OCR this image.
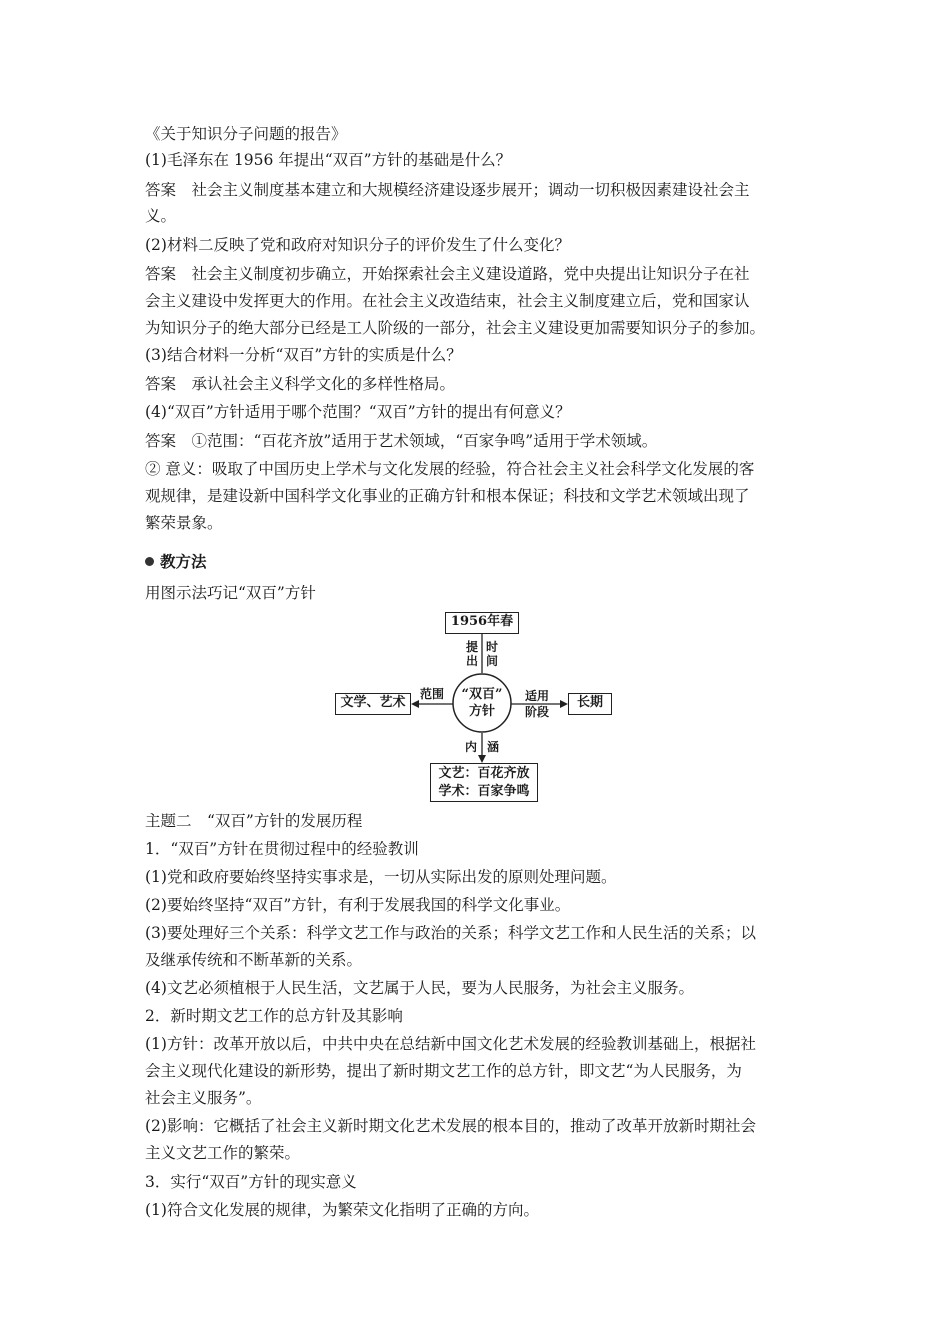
《关于知识分子问题的报告》
(1)毛泽东在 1956 年提出“双百”方针的基础是什么？
答案　社会主义制度基本建立和大规模经济建设逐步展开；调动一切积极因素建设社会主
义。
(2)材料二反映了党和政府对知识分子的评价发生了什么变化？
答案　社会主义制度初步确立，开始探索社会主义建设道路，党中央提出让知识分子在社
会主义建设中发挥更大的作用。在社会主义改造结束，社会主义制度建立后，党和国家认
为知识分子的绝大部分已经是工人阶级的一部分，社会主义建设更加需要知识分子的参加。
(3)结合材料一分析“双百”方针的实质是什么？
答案　承认社会主义科学文化的多样性格局。
(4)“双百”方针适用于哪个范围？“双百”方针的提出有何意义？
答案　①范围：“百花齐放”适用于艺术领域，“百家争鸣”适用于学术领域。
② 意义：吸取了中国历史上学术与文化发展的经验，符合社会主义社会科学文化发展的客
观规律，是建设新中国科学文化事业的正确方针和根本保证；科技和文学艺术领域出现了
繁荣景象。
教方法
用图示法巧记“双百”方针
1956年春
提出
时间
“双百”
方针
文学、艺术
范围	适用
阶段
长期
内 涵
文艺：百花齐放
学术：百家争鸣
主题二　“双百”方针的发展历程
1．“双百”方针在贯彻过程中的经验教训
(1)党和政府要始终坚持实事求是，一切从实际出发的原则处理问题。
(2)要始终坚持“双百”方针，有利于发展我国的科学文化事业。
(3)要处理好三个关系：科学文艺工作与政治的关系；科学文艺工作和人民生活的关系；以
及继承传统和不断革新的关系。
(4)文艺必须植根于人民生活，文艺属于人民，要为人民服务，为社会主义服务。
2．新时期文艺工作的总方针及其影响
(1)方针：改革开放以后，中共中央在总结新中国文化艺术发展的经验教训基础上，根据社
会主义现代化建设的新形势，提出了新时期文艺工作的总方针，即文艺“为人民服务，为
社会主义服务”。
(2)影响：它概括了社会主义新时期文化艺术发展的根本目的，推动了改革开放新时期社会
主义文艺工作的繁荣。
3．实行“双百”方针的现实意义
(1)符合文化发展的规律，为繁荣文化指明了正确的方向。
